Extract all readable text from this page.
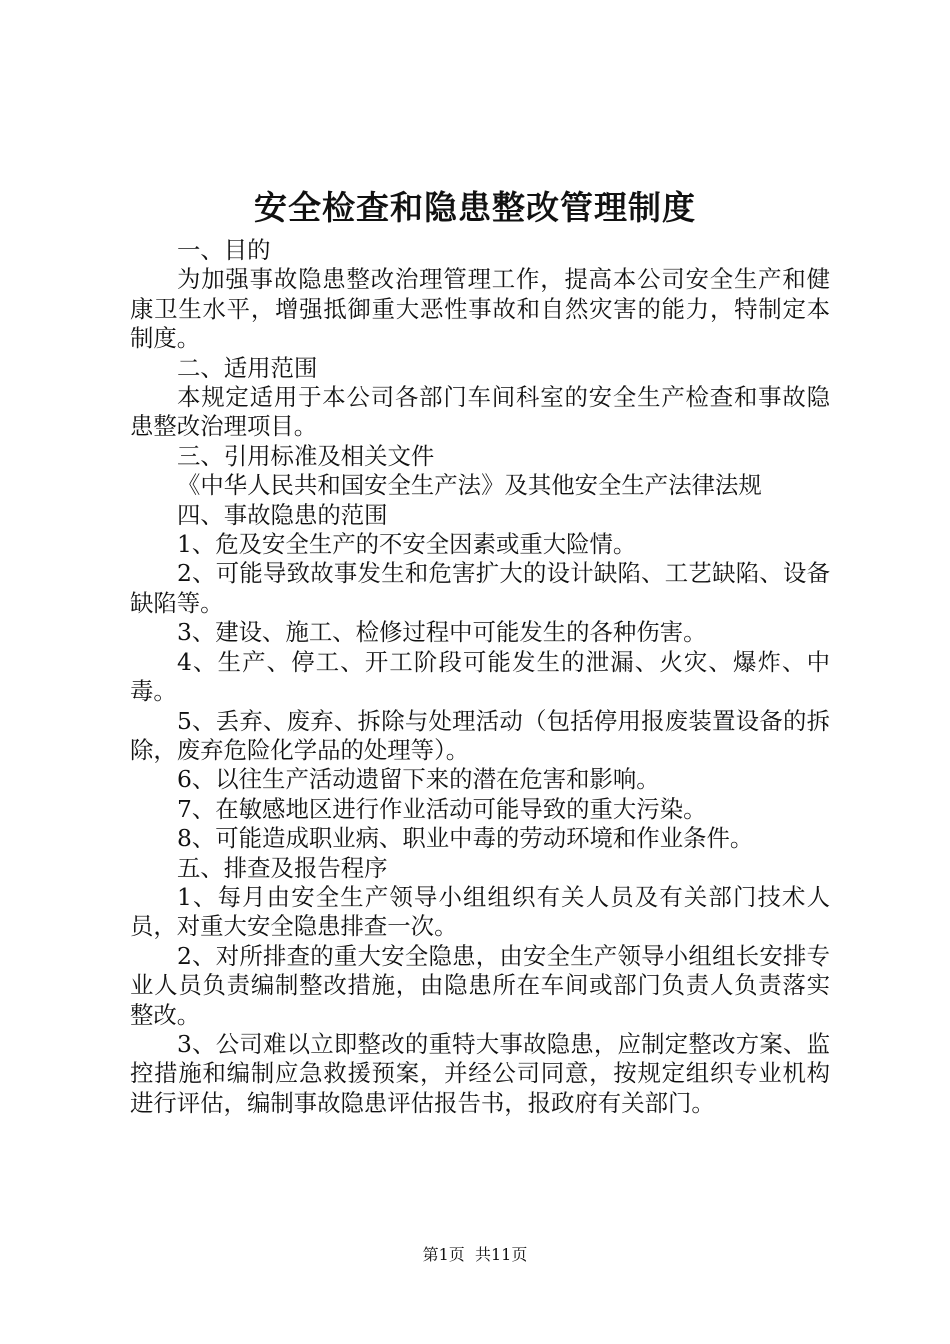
安全检查和隐患整改管理制度

一、目的

为加强事故隐患整改治理管理工作，提高本公司安全生产和健康卫生水平，增强抵御重大恶性事故和自然灾害的能力，特制定本制度。

二、适用范围

本规定适用于本公司各部门车间科室的安全生产检查和事故隐患整改治理项目。

三、引用标准及相关文件

《中华人民共和国安全生产法》及其他安全生产法律法规

四、事故隐患的范围

1、危及安全生产的不安全因素或重大险情。

2、可能导致故事发生和危害扩大的设计缺陷、工艺缺陷、设备缺陷等。

3、建设、施工、检修过程中可能发生的各种伤害。

4、生产、停工、开工阶段可能发生的泄漏、火灾、爆炸、中毒。

5、丢弃、废弃、拆除与处理活动（包括停用报废装置设备的拆除，废弃危险化学品的处理等）。

6、以往生产活动遗留下来的潜在危害和影响。

7、在敏感地区进行作业活动可能导致的重大污染。

8、可能造成职业病、职业中毒的劳动环境和作业条件。

五、排查及报告程序

1、每月由安全生产领导小组组织有关人员及有关部门技术人员，对重大安全隐患排查一次。

2、对所排查的重大安全隐患，由安全生产领导小组组长安排专业人员负责编制整改措施，由隐患所在车间或部门负责人负责落实整改。

3、公司难以立即整改的重特大事故隐患，应制定整改方案、监控措施和编制应急救援预案，并经公司同意，按规定组织专业机构进行评估，编制事故隐患评估报告书，报政府有关部门。

第1页 共11页
